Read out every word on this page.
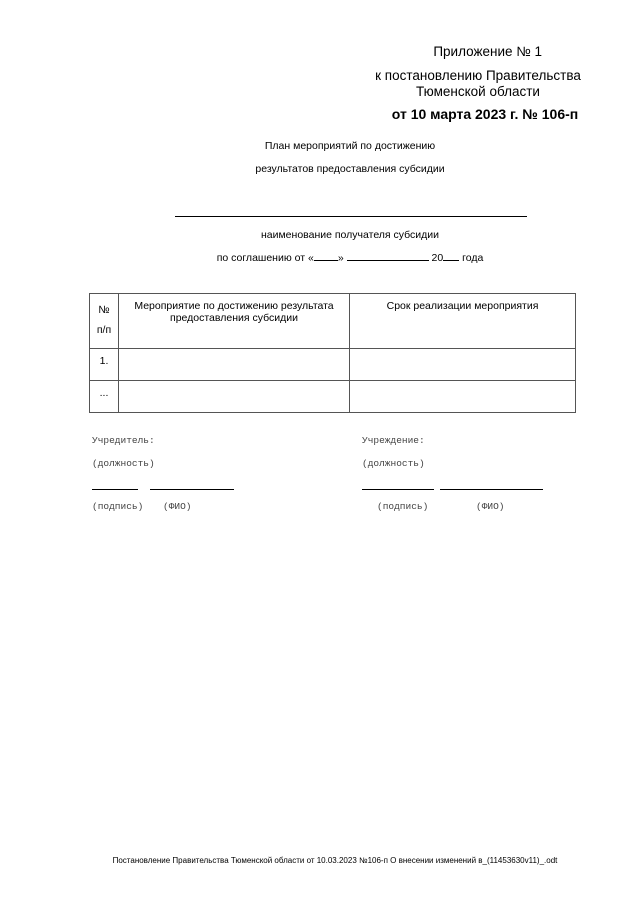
Приложение № 1
к постановлению Правительства
Тюменской области
от 10 марта 2023 г. № 106-п
План мероприятий по достижению
результатов предоставления субсидии
наименование получателя субсидии
по соглашению от « »	20 года
№ п/п	Мероприятие по достижению результата предоставления субсидии	Срок реализации мероприятия
1.		
...		
Учредитель:
(должность)
(подпись) (ФИО)
Учреждение:
(должность)
(подпись)	(ФИО)
Постановление Правительства Тюменской области от 10.03.2023 №106-п О внесении изменений в_(11453630v11)_.odt
